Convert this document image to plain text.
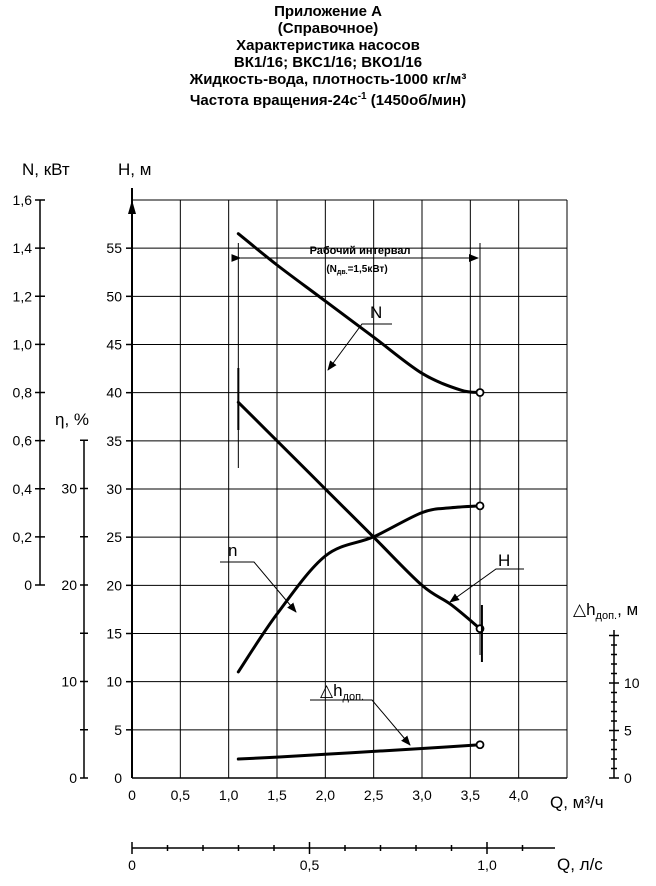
Приложение А
(Справочное)
Характеристика насосов
ВК1/16; ВКС1/16; ВКО1/16
Жидкость-вода, плотность-1000 кг/м³
Частота вращения-$24с^{-1}$ (1450об/мин)
0
5
10
15
20
25
30
35
40
45
50
55
0 0,5 1,0 1,5 2,0 2,5 3,0 3,5 4,0
0
0,2
0,4
0,6
0,8
1,0
1,2
1,4
1,6
0
10
20
30
0
5
10
0	0,5	1,0
N, кВт	Н, м
η, %
$\triangle h_{доп.}$, м
Q, м³/ч
Q, л/с
Рабочий интервал
$(N_{дв.}=1,5кВт)$
N
Н
n
$\triangle h_{доп.}$
